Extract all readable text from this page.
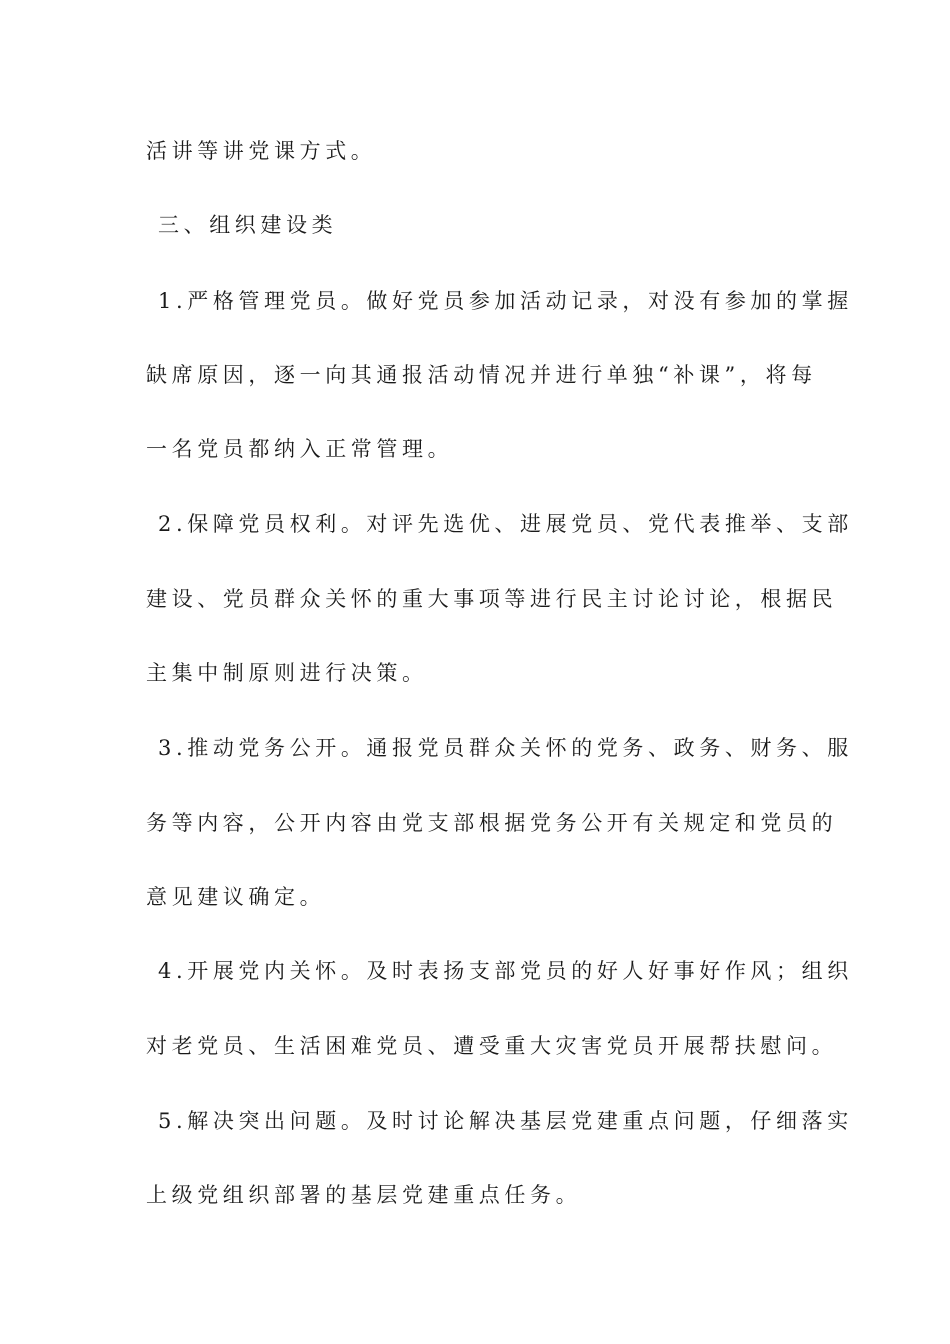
活讲等讲党课方式。
三、组织建设类
1.严格管理党员。做好党员参加活动记录，对没有参加的掌握
缺席原因，逐一向其通报活动情况并进行单独“补课”，将每
一名党员都纳入正常管理。
2.保障党员权利。对评先选优、进展党员、党代表推举、支部
建设、党员群众关怀的重大事项等进行民主讨论讨论，根据民
主集中制原则进行决策。
3.推动党务公开。通报党员群众关怀的党务、政务、财务、服
务等内容，公开内容由党支部根据党务公开有关规定和党员的
意见建议确定。
4.开展党内关怀。及时表扬支部党员的好人好事好作风；组织
对老党员、生活困难党员、遭受重大灾害党员开展帮扶慰问。
5.解决突出问题。及时讨论解决基层党建重点问题，仔细落实
上级党组织部署的基层党建重点任务。
